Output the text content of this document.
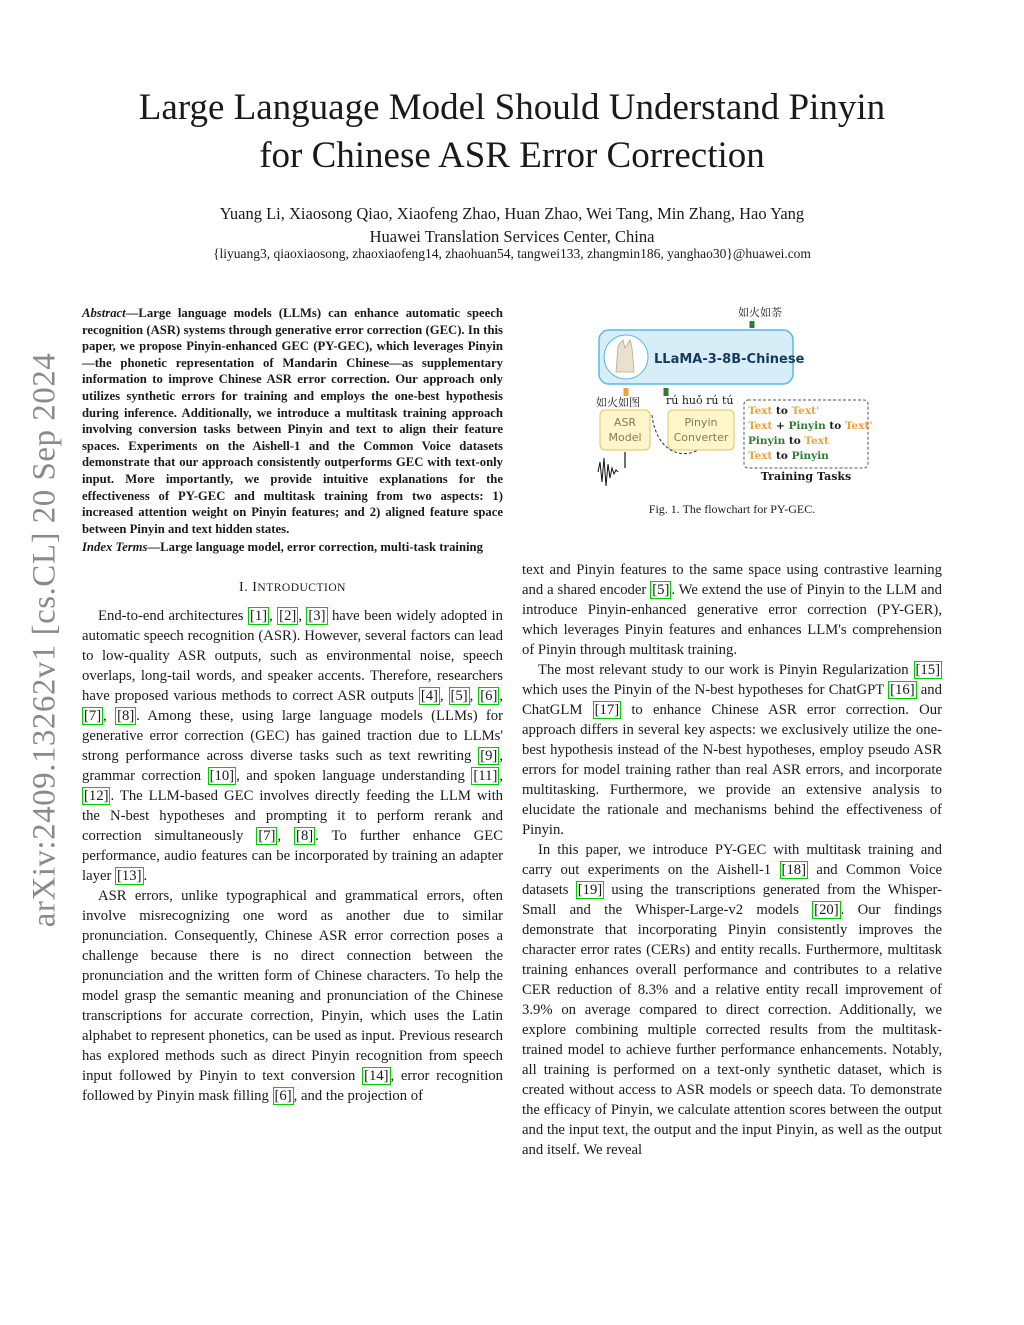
arXiv:2409.13262v1 [cs.CL] 20 Sep 2024
Large Language Model Should Understand Pinyin
for Chinese ASR Error Correction
Yuang Li, Xiaosong Qiao, Xiaofeng Zhao, Huan Zhao, Wei Tang, Min Zhang, Hao Yang
Huawei Translation Services Center, China
{liyuang3, qiaoxiaosong, zhaoxiaofeng14, zhaohuan54, tangwei133, zhangmin186, yanghao30}@huawei.com

Abstract—Large language models (LLMs) can enhance automatic speech recognition (ASR) systems through generative error correction (GEC). In this paper, we propose Pinyin-enhanced GEC (PY-GEC), which leverages Pinyin—the phonetic representation of Mandarin Chinese—as supplementary information to improve Chinese ASR error correction. Our approach only utilizes synthetic errors for training and employs the one-best hypothesis during inference. Additionally, we introduce a multitask training approach involving conversion tasks between Pinyin and text to align their feature spaces. Experiments on the Aishell-1 and the Common Voice datasets demonstrate that our approach consistently outperforms GEC with text-only input. More importantly, we provide intuitive explanations for the effectiveness of PY-GEC and multitask training from two aspects: 1) increased attention weight on Pinyin features; and 2) aligned feature space between Pinyin and text hidden states.

Index Terms—Large language model, error correction, multi-task training

I. INTRODUCTION

End-to-end architectures [1] , [2] , [3] have been widely adopted in automatic speech recognition (ASR). However, several factors can lead to low-quality ASR outputs, such as environmental noise, speech overlaps, long-tail words, and speaker accents. Therefore, researchers have proposed various methods to correct ASR outputs [4] , [5] , [6] , [7] , [8] . Among these, using large language models (LLMs) for generative error correction (GEC) has gained traction due to LLMs' strong performance across diverse tasks such as text rewriting [9] , grammar correction [10] , and spoken language understanding [11] , [12] . The LLM-based GEC involves directly feeding the LLM with the N-best hypotheses and prompting it to perform rerank and correction simultaneously [7] , [8] . To further enhance GEC performance, audio features can be incorporated by training an adapter layer [13] .

ASR errors, unlike typographical and grammatical errors, often involve misrecognizing one word as another due to similar pronunciation. Consequently, Chinese ASR error correction poses a challenge because there is no direct connection between the pronunciation and the written form of Chinese characters. To help the model grasp the semantic meaning and pronunciation of the Chinese transcriptions for accurate correction, Pinyin, which uses the Latin alphabet to represent phonetics, can be used as input. Previous research has explored methods such as direct Pinyin recognition from speech input followed by Pinyin to text conversion [14] , error recognition followed by Pinyin mask filling [6] , and the projection of

如火如荼
LLaMA-3-8B-Chinese
如火如图 rú huǒ rú tú
ASR
Model
Pinyin
Converter
Text to Text'
Text + Pinyin to Text'
Pinyin to Text
Text to Pinyin
Training Tasks
Fig. 1. The flowchart for PY-GEC.

text and Pinyin features to the same space using contrastive learning and a shared encoder [5] . We extend the use of Pinyin to the LLM and introduce Pinyin-enhanced generative error correction (PY-GER), which leverages Pinyin features and enhances LLM's comprehension of Pinyin through multitask training.

The most relevant study to our work is Pinyin Regularization [15] which uses the Pinyin of the N-best hypotheses for ChatGPT [16] and ChatGLM [17] to enhance Chinese ASR error correction. Our approach differs in several key aspects: we exclusively utilize the one-best hypothesis instead of the N-best hypotheses, employ pseudo ASR errors for model training rather than real ASR errors, and incorporate multitasking. Furthermore, we provide an extensive analysis to elucidate the rationale and mechanisms behind the effectiveness of Pinyin.

In this paper, we introduce PY-GEC with multitask training and carry out experiments on the Aishell-1 [18] and Common Voice datasets [19] using the transcriptions generated from the Whisper-Small and the Whisper-Large-v2 models [20] . Our findings demonstrate that incorporating Pinyin consistently improves the character error rates (CERs) and entity recalls. Furthermore, multitask training enhances overall performance and contributes to a relative CER reduction of 8.3% and a relative entity recall improvement of 3.9% on average compared to direct correction. Additionally, we explore combining multiple corrected results from the multitask-trained model to achieve further performance enhancements. Notably, all training is performed on a text-only synthetic dataset, which is created without access to ASR models or speech data. To demonstrate the efficacy of Pinyin, we calculate attention scores between the output and the input text, the output and the input Pinyin, as well as the output and itself. We reveal
